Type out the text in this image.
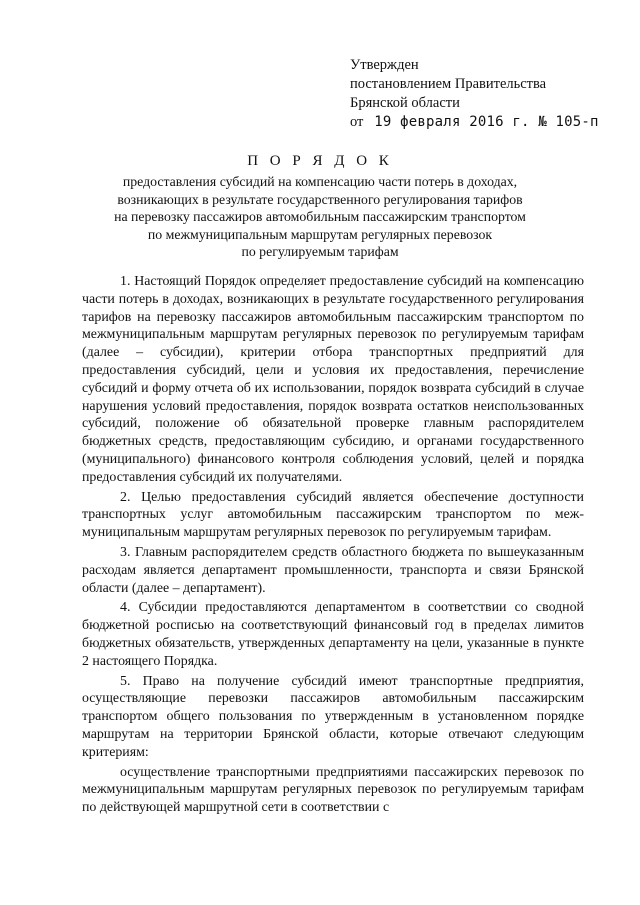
Утвержден
постановлением Правительства
Брянской области
от 19 февраля 2016 г. № 105-п
П О Р Я Д О К
предоставления субсидий на компенсацию части потерь в доходах,
возникающих в результате государственного регулирования тарифов
на перевозку пассажиров автомобильным пассажирским транспортом
по межмуниципальным маршрутам регулярных перевозок
по регулируемым тарифам

1. Настоящий Порядок определяет предоставление субсидий на компенсацию части потерь в доходах, возникающих в результате государственного регулирования тарифов на перевозку пассажиров автомобильным пассажирским транспортом по межмуниципальным маршрутам регулярных перевозок по регулируемым тарифам (далее – субсидии), критерии отбора транспортных предприятий для предоставления субсидий, цели и условия их предоставления, перечисление субсидий и форму отчета об их использовании, порядок возврата субсидий в случае нарушения условий предоставления, порядок возврата остатков неиспользованных субсидий, положение об обязательной проверке главным распорядителем бюджетных средств, предоставляющим субсидию, и органами государственного (муниципального) финансового контроля соблюдения условий, целей и порядка предоставления субсидий их получателями.

2. Целью предоставления субсидий является обеспечение доступности транспортных услуг автомобильным пассажирским транспортом по межмуниципальным маршрутам регулярных перевозок по регулируемым тарифам.

3. Главным распорядителем средств областного бюджета по вышеуказанным расходам является департамент промышленности, транспорта и связи Брянской области (далее – департамент).

4. Субсидии предоставляются департаментом в соответствии со сводной бюджетной росписью на соответствующий финансовый год в пределах лимитов бюджетных обязательств, утвержденных департаменту на цели, указанные в пункте 2 настоящего Порядка.

5. Право на получение субсидий имеют транспортные предприятия, осуществляющие перевозки пассажиров автомобильным пассажирским транспортом общего пользования по утвержденным в установленном порядке маршрутам на территории Брянской области, которые отвечают следующим критериям:

осуществление транспортными предприятиями пассажирских перевозок по межмуниципальным маршрутам регулярных перевозок по регулируемым тарифам по действующей маршрутной сети в соответствии с
